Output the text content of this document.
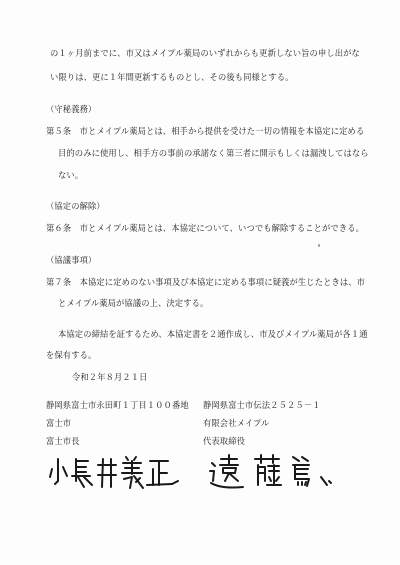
の１ヶ月前までに、市又はメイプル薬局のいずれからも更新しない旨の申し出がな
い限りは、更に１年間更新するものとし、その後も同様とする。
（守秘義務）
第５条　市とメイプル薬局とは、相手から提供を受けた一切の情報を本協定に定める
目的のみに使用し、相手方の事前の承諾なく第三者に開示もしくは漏洩してはなら
ない。
（協定の解除）
第６条　市とメイプル薬局とは、本協定について、いつでも解除することができる。
（協議事項）
第７条　本協定に定めのない事項及び本協定に定める事項に疑義が生じたときは、市
とメイプル薬局が協議の上、決定する。
本協定の締結を証するため、本協定書を２通作成し、市及びメイプル薬局が各１通
を保有する。
令和２年８月２１日
静岡県富士市永田町１丁目１００番地
富士市
富士市長
静岡県富士市伝法２５２５－１
有限会社メイプル
代表取締役
